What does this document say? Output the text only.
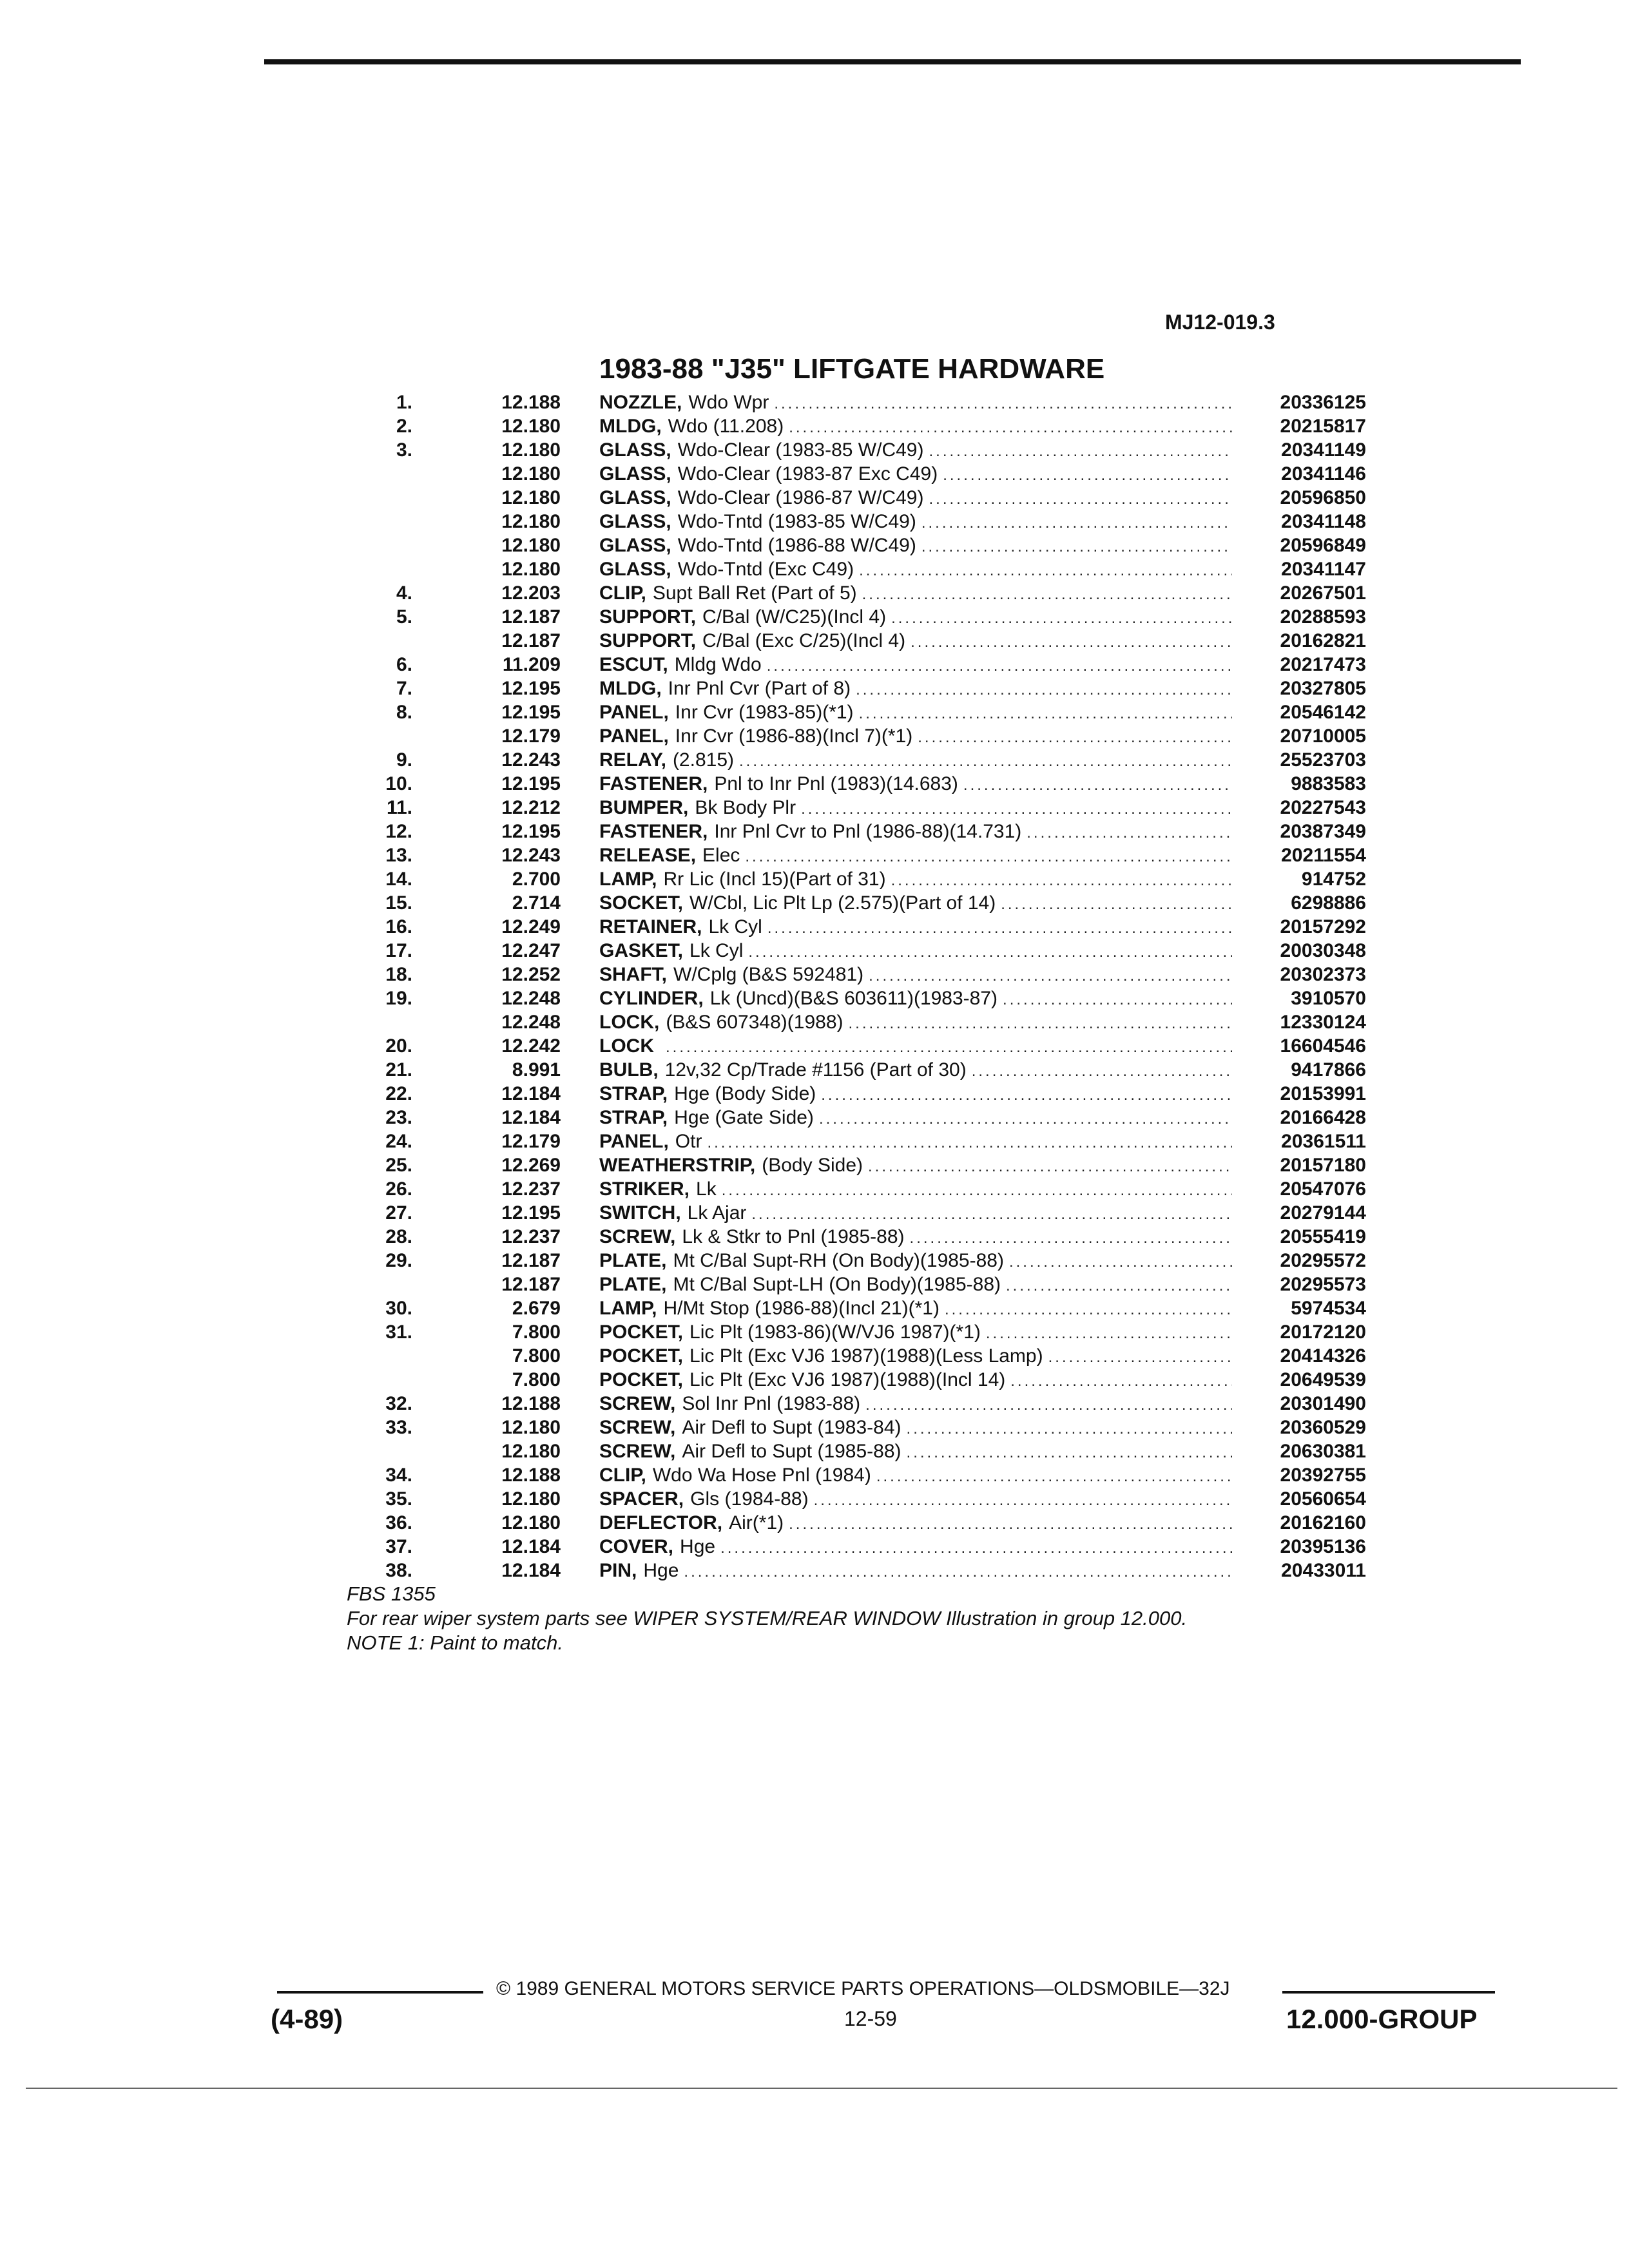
MJ12-019.3
1983-88 "J35" LIFTGATE HARDWARE
1.	12.188 NOZZLE, Wdo Wpr .....	20336125
2.	12.180 MLDG, Wdo (11.208) .....	20215817
3.	12.180 GLASS, Wdo-Clear (1983-85 W/C49) .....	20341149
12.180 GLASS, Wdo-Clear (1983-87 Exc C49) .....	20341146
12.180 GLASS, Wdo-Clear (1986-87 W/C49) .....	20596850
12.180 GLASS, Wdo-Tntd (1983-85 W/C49) .....	20341148
12.180 GLASS, Wdo-Tntd (1986-88 W/C49) .....	20596849
12.180 GLASS, Wdo-Tntd (Exc C49) .....	20341147
4.	12.203 CLIP, Supt Ball Ret (Part of 5) .....	20267501
5.	12.187 SUPPORT, C/Bal (W/C25)(Incl 4) .....	20288593
12.187 SUPPORT, C/Bal (Exc C/25)(Incl 4) .....	20162821
6.	11.209 ESCUT, Mldg Wdo .....	20217473
7.	12.195 MLDG, Inr Pnl Cvr (Part of 8) .....	20327805
8.	12.195 PANEL, Inr Cvr (1983-85)(*1) .....	20546142
12.179 PANEL, Inr Cvr (1986-88)(Incl 7)(*1) .....	20710005
9.	12.243 RELAY, (2.815) .....	25523703
10.	12.195 FASTENER, Pnl to Inr Pnl (1983)(14.683) .....	9883583
11.	12.212 BUMPER, Bk Body Plr .....	20227543
12.	12.195 FASTENER, Inr Pnl Cvr to Pnl (1986-88)(14.731) .....	20387349
13.	12.243 RELEASE, Elec .....	20211554
14.	2.700 LAMP, Rr Lic (Incl 15)(Part of 31) .....	914752
15.	2.714 SOCKET, W/Cbl, Lic Plt Lp (2.575)(Part of 14) .....	6298886
16.	12.249 RETAINER, Lk Cyl .....	20157292
17.	12.247 GASKET, Lk Cyl .....	20030348
18.	12.252 SHAFT, W/Cplg (B&S 592481) .....	20302373
19.	12.248 CYLINDER, Lk (Uncd)(B&S 603611)(1983-87) .....	3910570
12.248 LOCK, (B&S 607348)(1988) .....	12330124
20.	12.242 LOCK .....	16604546
21.	8.991 BULB, 12v,32 Cp/Trade #1156 (Part of 30) .....	9417866
22.	12.184 STRAP, Hge (Body Side) .....	20153991
23.	12.184 STRAP, Hge (Gate Side) .....	20166428
24.	12.179 PANEL, Otr .....	20361511
25.	12.269 WEATHERSTRIP, (Body Side) .....	20157180
26.	12.237 STRIKER, Lk .....	20547076
27.	12.195 SWITCH, Lk Ajar .....	20279144
28.	12.237 SCREW, Lk & Stkr to Pnl (1985-88) .....	20555419
29.	12.187 PLATE, Mt C/Bal Supt-RH (On Body)(1985-88) .....	20295572
12.187 PLATE, Mt C/Bal Supt-LH (On Body)(1985-88) .....	20295573
30.	2.679 LAMP, H/Mt Stop (1986-88)(Incl 21)(*1) .....	5974534
31.	7.800 POCKET, Lic Plt (1983-86)(W/VJ6 1987)(*1) .....	20172120
7.800 POCKET, Lic Plt (Exc VJ6 1987)(1988)(Less Lamp) .....	20414326
7.800 POCKET, Lic Plt (Exc VJ6 1987)(1988)(Incl 14) .....	20649539
32.	12.188 SCREW, Sol Inr Pnl (1983-88) .....	20301490
33.	12.180 SCREW, Air Defl to Supt (1983-84) .....	20360529
12.180 SCREW, Air Defl to Supt (1985-88) .....	20630381
34.	12.188 CLIP, Wdo Wa Hose Pnl (1984) .....	20392755
35.	12.180 SPACER, Gls (1984-88) .....	20560654
36.	12.180 DEFLECTOR, Air(*1) .....	20162160
37.	12.184 COVER, Hge .....	20395136
38.	12.184 PIN, Hge .....	20433011
FBS 1355
For rear wiper system parts see WIPER SYSTEM/REAR WINDOW Illustration in group 12.000.
NOTE 1: Paint to match.
© 1989 GENERAL MOTORS SERVICE PARTS OPERATIONS—OLDSMOBILE—32J
(4-89)	12-59	12.000-GROUP
